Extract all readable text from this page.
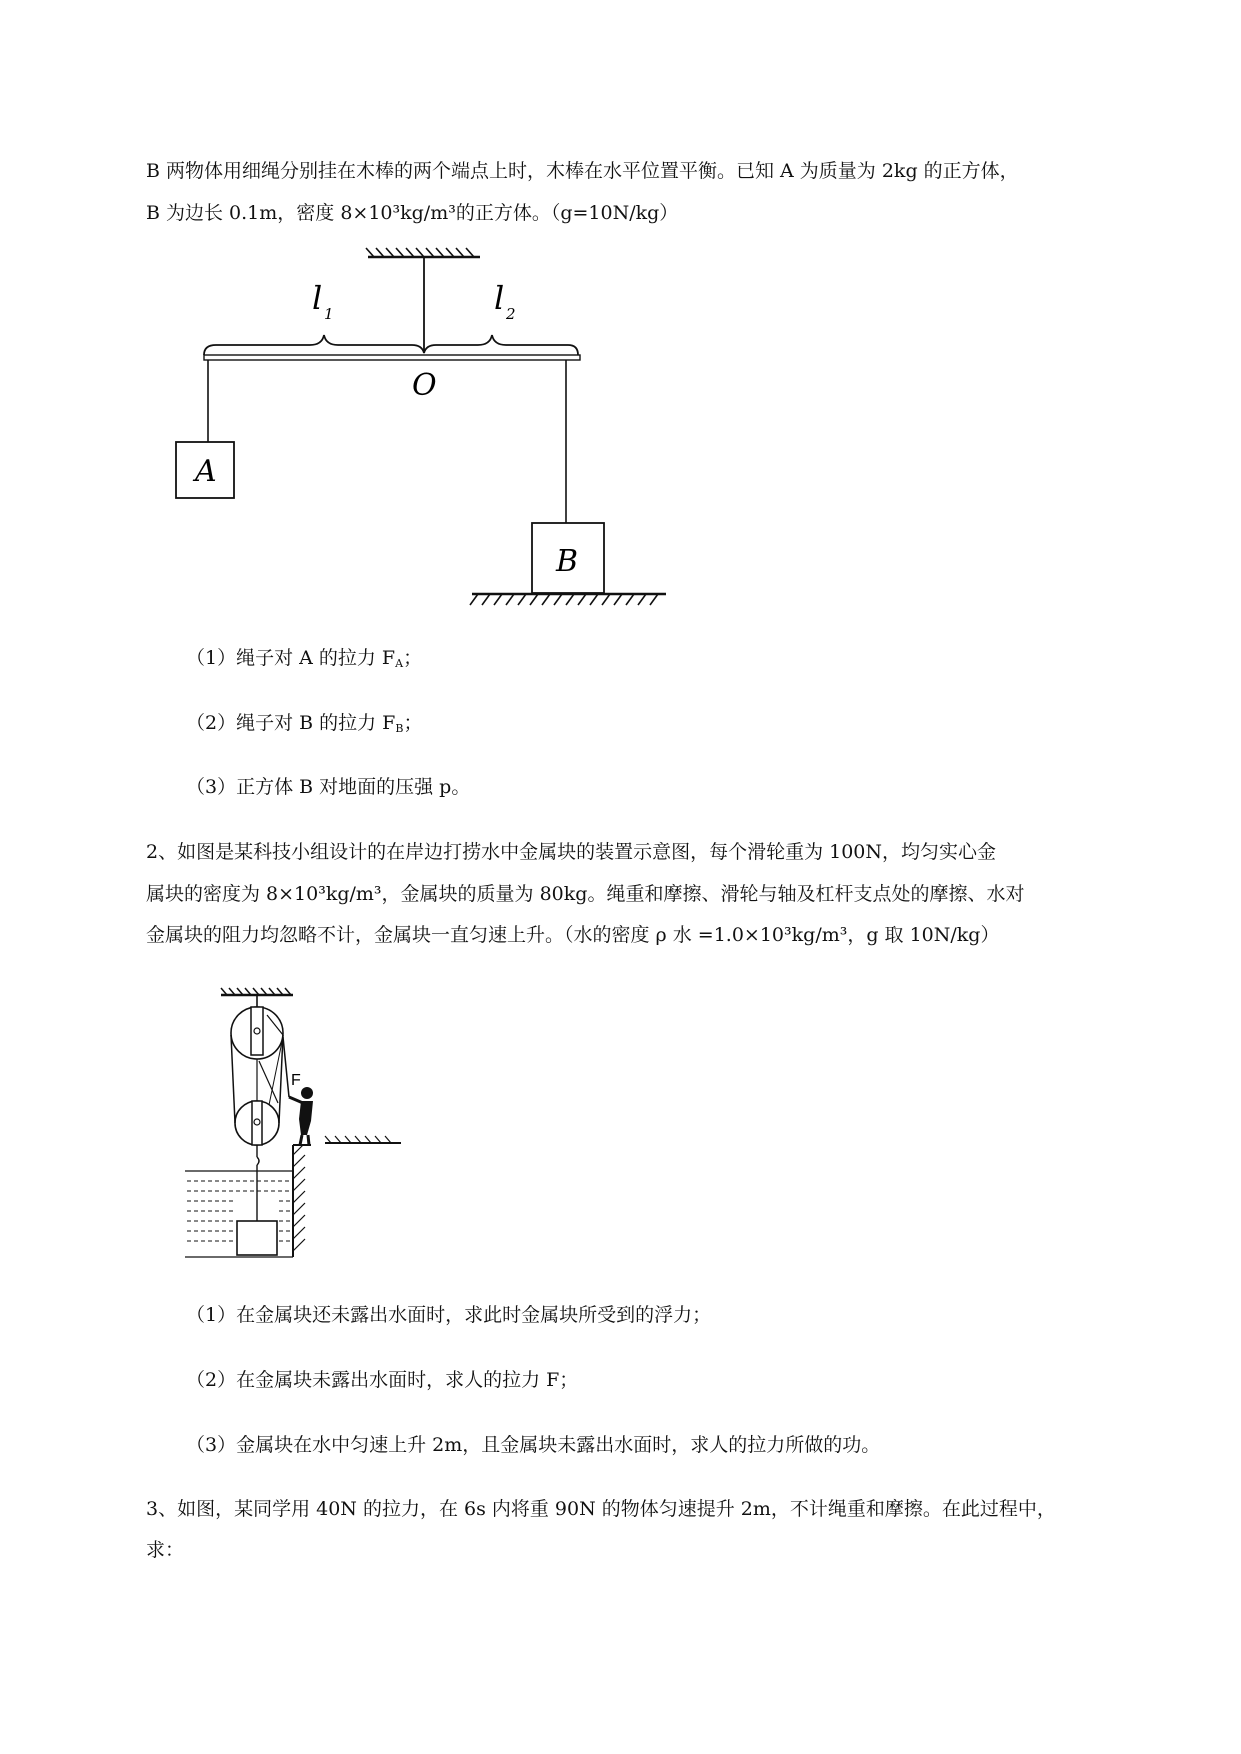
B 两物体用细绳分别挂在木棒的两个端点上时，木棒在水平位置平衡。已知 A 为质量为 2kg 的正方体，
B 为边长 0.1m，密度 8×10³kg/m³的正方体。（g=10N/kg）
l 1	l 2
O
A
B
（1）绳子对 A 的拉力 FA；
（2）绳子对 B 的拉力 FB；
（3）正方体 B 对地面的压强 p。
2、如图是某科技小组设计的在岸边打捞水中金属块的装置示意图，每个滑轮重为 100N，均匀实心金
属块的密度为 8×10³kg/m³，金属块的质量为 80kg。绳重和摩擦、滑轮与轴及杠杆支点处的摩擦、水对
金属块的阻力均忽略不计，金属块一直匀速上升。（水的密度 ρ 水 =1.0×10³kg/m³，g 取 10N/kg）
F
（1）在金属块还未露出水面时，求此时金属块所受到的浮力；
（2）在金属块未露出水面时，求人的拉力 F；
（3）金属块在水中匀速上升 2m，且金属块未露出水面时，求人的拉力所做的功。
3、如图，某同学用 40N 的拉力，在 6s 内将重 90N 的物体匀速提升 2m，不计绳重和摩擦。在此过程中，
求：
